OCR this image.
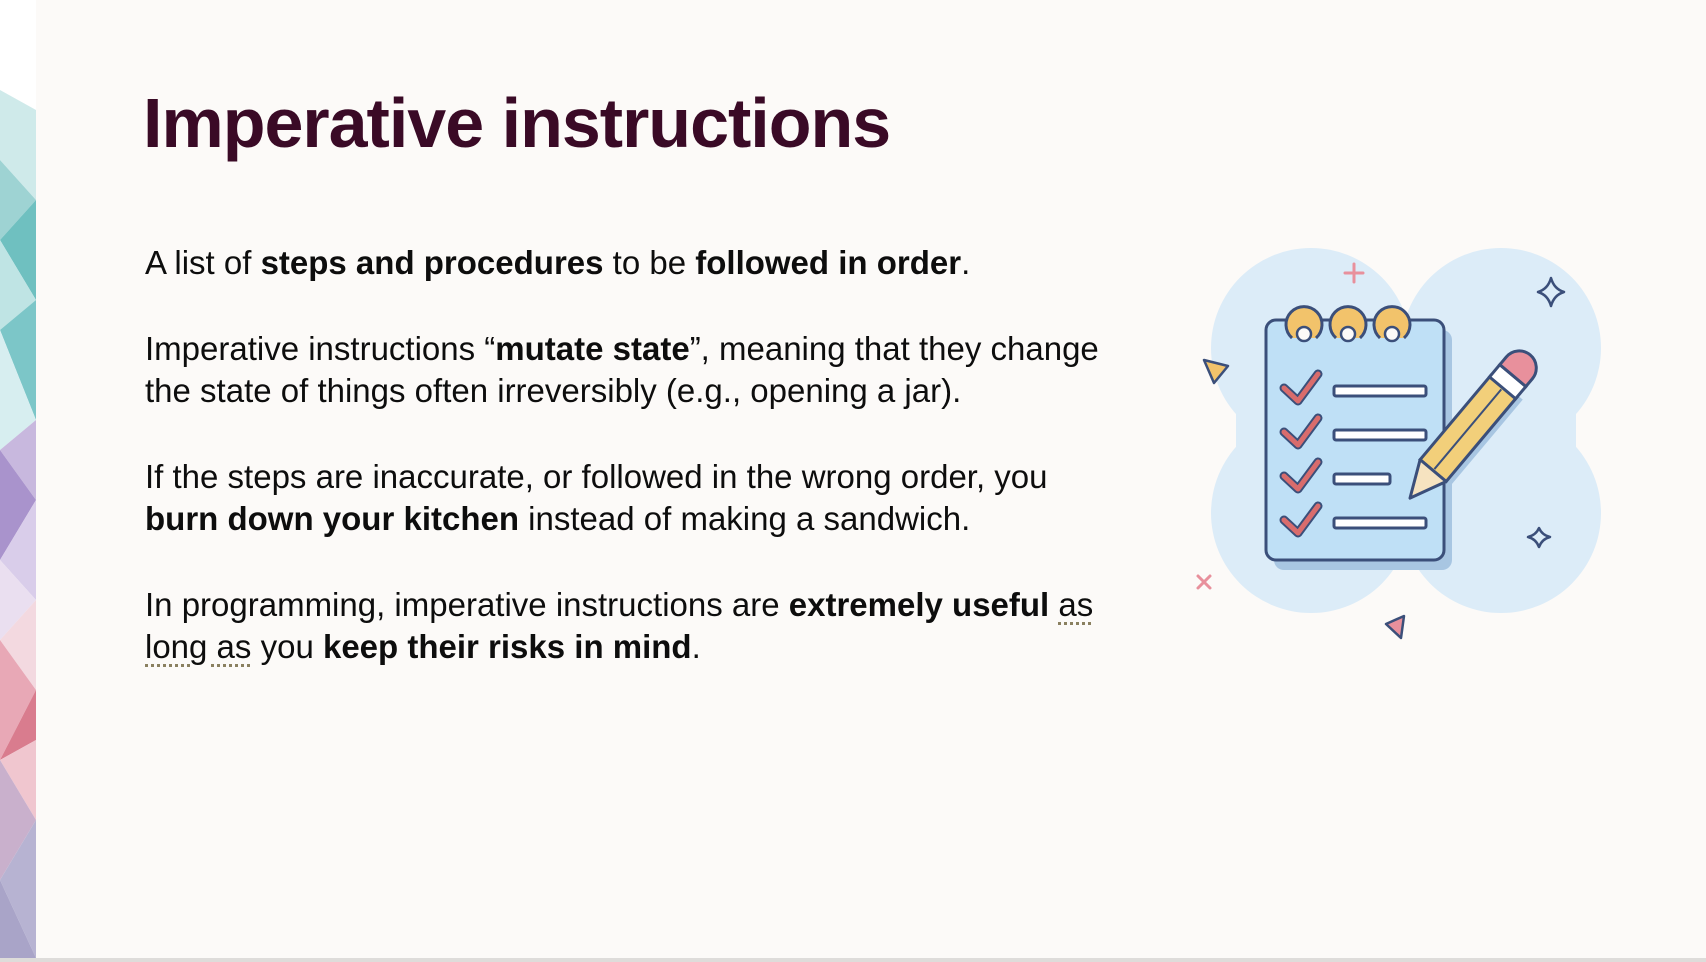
Imperative instructions

A list of steps and procedures to be followed in order.

Imperative instructions “mutate state”, meaning that they change the state of things often irreversibly (e.g., opening a jar).

If the steps are inaccurate, or followed in the wrong order, you burn down your kitchen instead of making a sandwich.

In programming, imperative instructions are extremely useful as long as you keep their risks in mind.
